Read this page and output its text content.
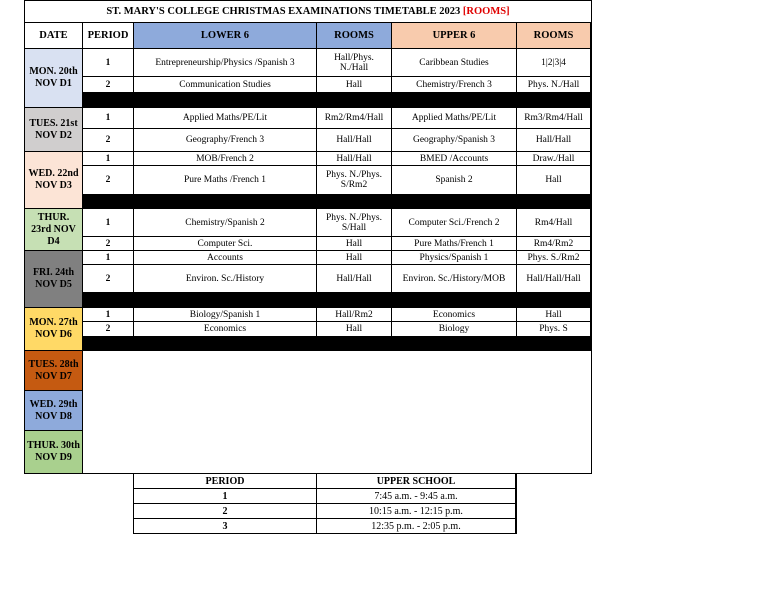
ST. MARY'S COLLEGE CHRISTMAS EXAMINATIONS TIMETABLE 2023 [ROOMS]
DATE	PERIOD	LOWER 6	ROOMS	UPPER 6	ROOMS
MON. 20th NOV D1
1	Entrepreneurship/Physics /Spanish 3	Hall/Phys. N./Hall	Caribbean Studies	1|2|3|4
2	Communication Studies	Hall	Chemistry/French 3	Phys. N./Hall
TUES. 21st NOV D2
1	Applied Maths/PE/Lit	Rm2/Rm4/Hall	Applied Maths/PE/Lit	Rm3/Rm4/Hall
2	Geography/French 3	Hall/Hall	Geography/Spanish 3	Hall/Hall
WED. 22nd NOV D3
1	MOB/French 2	Hall/Hall	BMED /Accounts	Draw./Hall
2	Pure Maths /French 1	Phys. N./Phys. S/Rm2	Spanish 2	Hall
THUR. 23rd NOV D4
1	Chemistry/Spanish 2	Phys. N./Phys. S/Hall	Computer Sci./French 2	Rm4/Hall
2	Computer Sci.	Hall	Pure Maths/French 1	Rm4/Rm2
FRI. 24th NOV D5
1	Accounts	Hall	Physics/Spanish 1	Phys. S./Rm2
2	Environ. Sc./History	Hall/Hall	Environ. Sc./History/MOB	Hall/Hall/Hall
MON. 27th NOV D6
1	Biology/Spanish 1	Hall/Rm2	Economics	Hall
2	Economics	Hall	Biology	Phys. S
TUES. 28th NOV D7
WED. 29th NOV D8
THUR. 30th NOV D9
PERIOD	UPPER SCHOOL
1	7:45 a.m. - 9:45 a.m.
2	10:15 a.m. - 12:15 p.m.
3	12:35 p.m. - 2:05 p.m.
